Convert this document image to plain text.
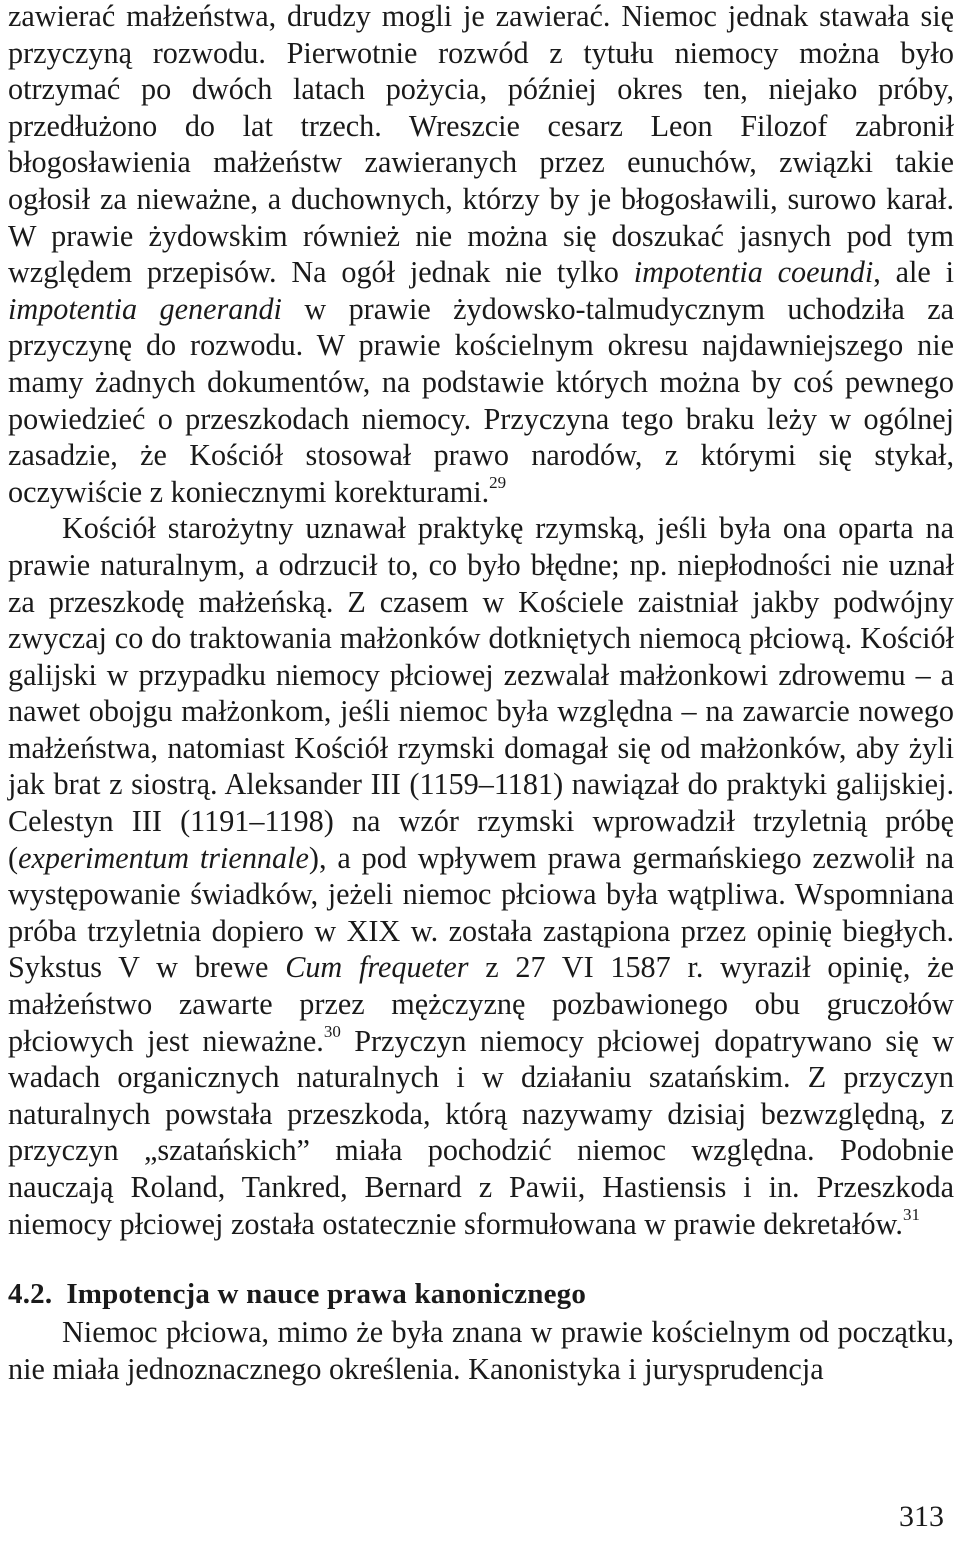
zawierać małżeństwa, drudzy mogli je zawierać. Niemoc jednak stawała się przyczyną rozwodu. Pierwotnie rozwód z tytułu niemocy można było otrzymać po dwóch latach pożycia, później okres ten, niejako próby, przedłużono do lat trzech. Wreszcie cesarz Leon Filozof zabronił błogosławienia małżeństw zawieranych przez eunuchów, związki takie ogłosił za nieważne, a duchownych, którzy by je błogosławili, surowo karał. W prawie żydowskim również nie można się doszukać jasnych pod tym względem przepisów. Na ogół jednak nie tylko impotentia coeundi, ale i impotentia generandi w prawie żydowsko-talmudycznym uchodziła za przyczynę do rozwodu. W prawie kościelnym okresu najdawniejszego nie mamy żadnych dokumentów, na podstawie których można by coś pewnego powiedzieć o przeszkodach niemocy. Przyczyna tego braku leży w ogólnej zasadzie, że Kościół stosował prawo narodów, z którymi się stykał, oczywiście z koniecznymi korekturami.$^{29}$

Kościół starożytny uznawał praktykę rzymską, jeśli była ona oparta na prawie naturalnym, a odrzucił to, co było błędne; np. niepłodności nie uznał za przeszkodę małżeńską. Z czasem w Kościele zaistniał jakby podwójny zwyczaj co do traktowania małżonków dotkniętych niemocą płciową. Kościół galijski w przypadku niemocy płciowej zezwalał małżonkowi zdrowemu – a nawet obojgu małżonkom, jeśli niemoc była względna – na zawarcie nowego małżeństwa, natomiast Kościół rzymski domagał się od małżonków, aby żyli jak brat z siostrą. Aleksander III (1159–1181) nawiązał do praktyki galijskiej. Celestyn III (1191–1198) na wzór rzymski wprowadził trzyletnią próbę (experimentum triennale), a pod wpływem prawa germańskiego zezwolił na występowanie świadków, jeżeli niemoc płciowa była wątpliwa. Wspomniana próba trzyletnia dopiero w XIX w. została zastąpiona przez opinię biegłych. Sykstus V w brewe Cum frequeter z 27 VI 1587 r. wyraził opinię, że małżeństwo zawarte przez mężczyznę pozbawionego obu gruczołów płciowych jest nieważne.$^{30}$ Przyczyn niemocy płciowej dopatrywano się w wadach organicznych naturalnych i w działaniu szatańskim. Z przyczyn naturalnych powstała przeszkoda, którą nazywamy dzisiaj bezwzględną, z przyczyn „szatańskich” miała pochodzić niemoc względna. Podobnie nauczają Roland, Tankred, Bernard z Pawii, Hastiensis i in. Przeszkoda niemocy płciowej została ostatecznie sformułowana w prawie dekretałów.$^{31}$

4.2. Impotencja w nauce prawa kanonicznego

Niemoc płciowa, mimo że była znana w prawie kościelnym od początku, nie miała jednoznacznego określenia. Kanonistyka i jurysprudencja

313
